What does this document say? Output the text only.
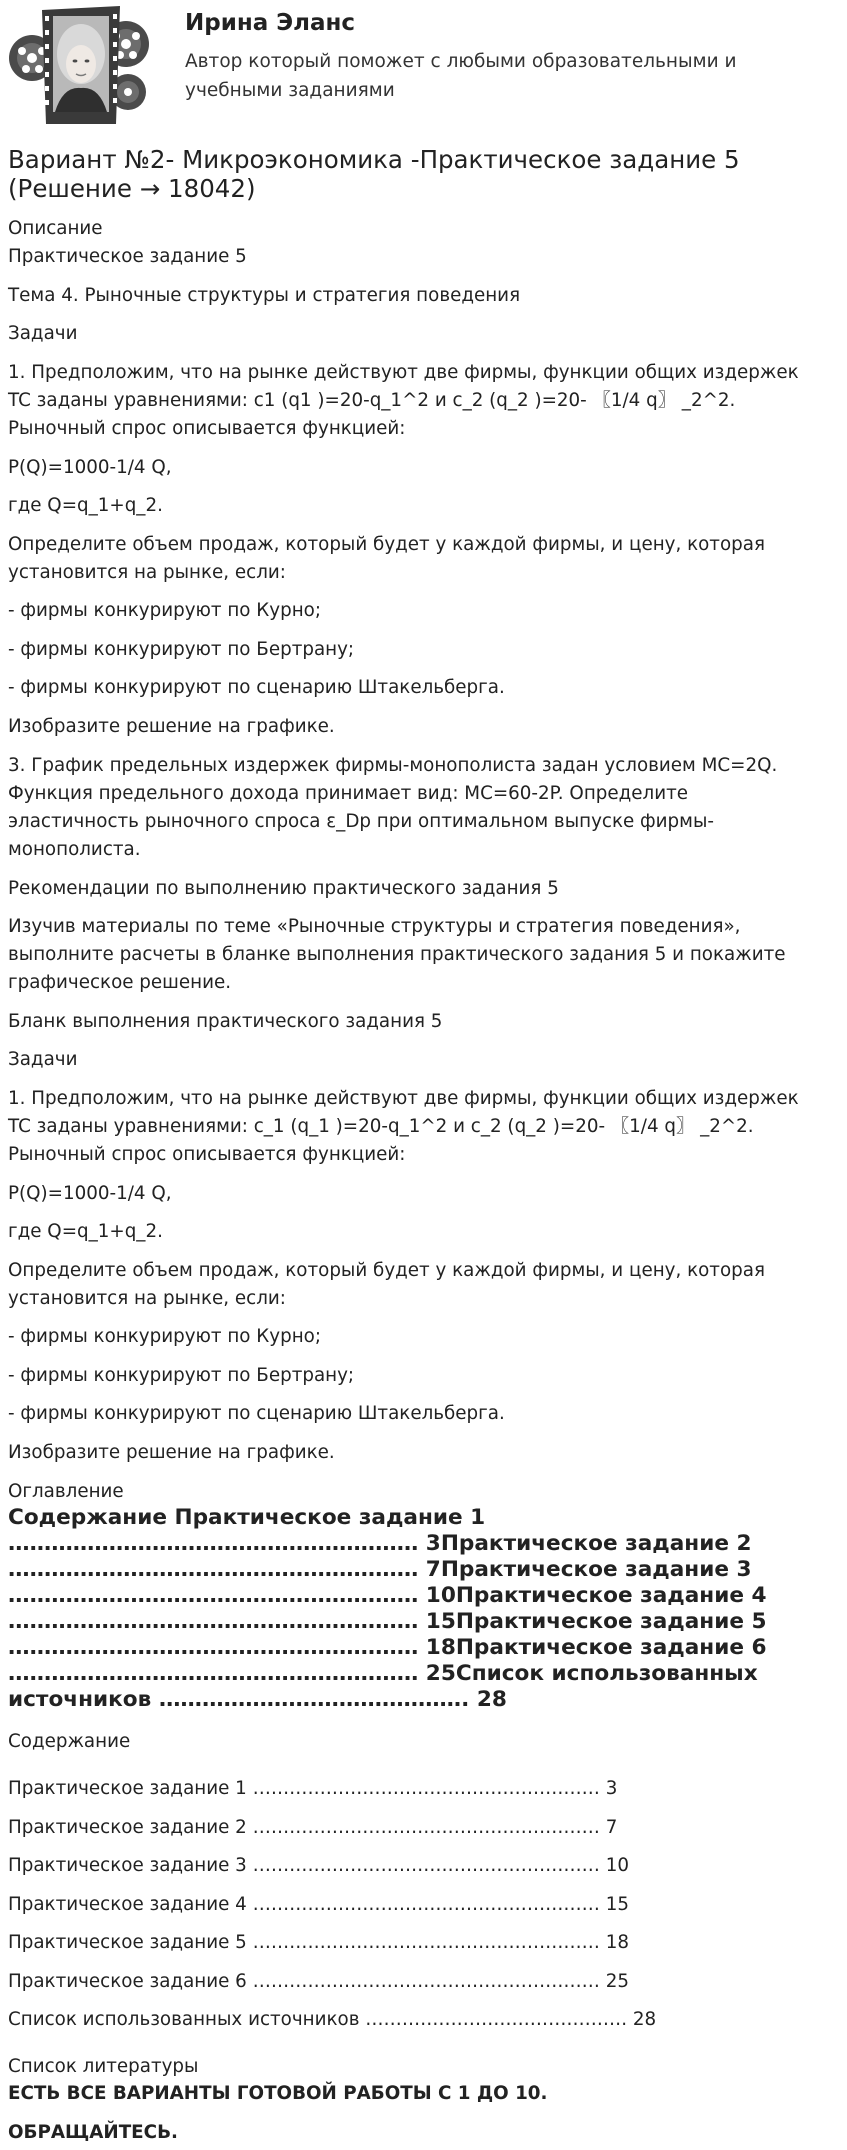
Ирина Эланс
Автор который поможет с любыми образовательными и
учебными заданиями
Вариант №2- Микроэкономика -Практическое задание 5
(Решение → 18042)
Описание
Практическое задание 5
Тема 4. Рыночные структуры и стратегия поведения
Задачи
1. Предположим, что на рынке действуют две фирмы, функции общих издержек
TC заданы уравнениями: с1 (q1 )=20-q_1^2 и с_2 (q_2 )=20- 〖1/4 q〗 _2^2.
Рыночный спрос описывается функцией:
P(Q)=1000-1/4 Q,
где Q=q_1+q_2.
Определите объем продаж, который будет у каждой фирмы, и цену, которая
установится на рынке, если:
- фирмы конкурируют по Курно;
- фирмы конкурируют по Бертрану;
- фирмы конкурируют по сценарию Штакельберга.
Изобразите решение на графике.
3. График предельных издержек фирмы-монополиста задан условием МС=2Q.
Функция предельного дохода принимает вид: MC=60-2P. Определите
эластичность рыночного спроса ε_Dp при оптимальном выпуске фирмы-
монополиста.
Рекомендации по выполнению практического задания 5
Изучив материалы по теме «Рыночные структуры и стратегия поведения»,
выполните расчеты в бланке выполнения практического задания 5 и покажите
графическое решение.
Бланк выполнения практического задания 5
Задачи
1. Предположим, что на рынке действуют две фирмы, функции общих издержек
TC заданы уравнениями: с_1 (q_1 )=20-q_1^2 и с_2 (q_2 )=20- 〖1/4 q〗 _2^2.
Рыночный спрос описывается функцией:
P(Q)=1000-1/4 Q,
где Q=q_1+q_2.
Определите объем продаж, который будет у каждой фирмы, и цену, которая
установится на рынке, если:
- фирмы конкурируют по Курно;
- фирмы конкурируют по Бертрану;
- фирмы конкурируют по сценарию Штакельберга.
Изобразите решение на графике.
Оглавление
Содержание Практическое задание 1
………………………………………………… 3Практическое задание 2
………………………………………………… 7Практическое задание 3
………………………………………………… 10Практическое задание 4
………………………………………………… 15Практическое задание 5
………………………………………………… 18Практическое задание 6
………………………………………………… 25Список использованных
источников ……………………………………. 28
Содержание
Практическое задание 1 ………………………………………………… 3
Практическое задание 2 ………………………………………………… 7
Практическое задание 3 ………………………………………………… 10
Практическое задание 4 ………………………………………………… 15
Практическое задание 5 ………………………………………………… 18
Практическое задание 6 ………………………………………………… 25
Список использованных источников ……………………………………. 28
Список литературы
ЕСТЬ ВСЕ ВАРИАНТЫ ГОТОВОЙ РАБОТЫ С 1 ДО 10.
ОБРАЩАЙТЕСЬ.
